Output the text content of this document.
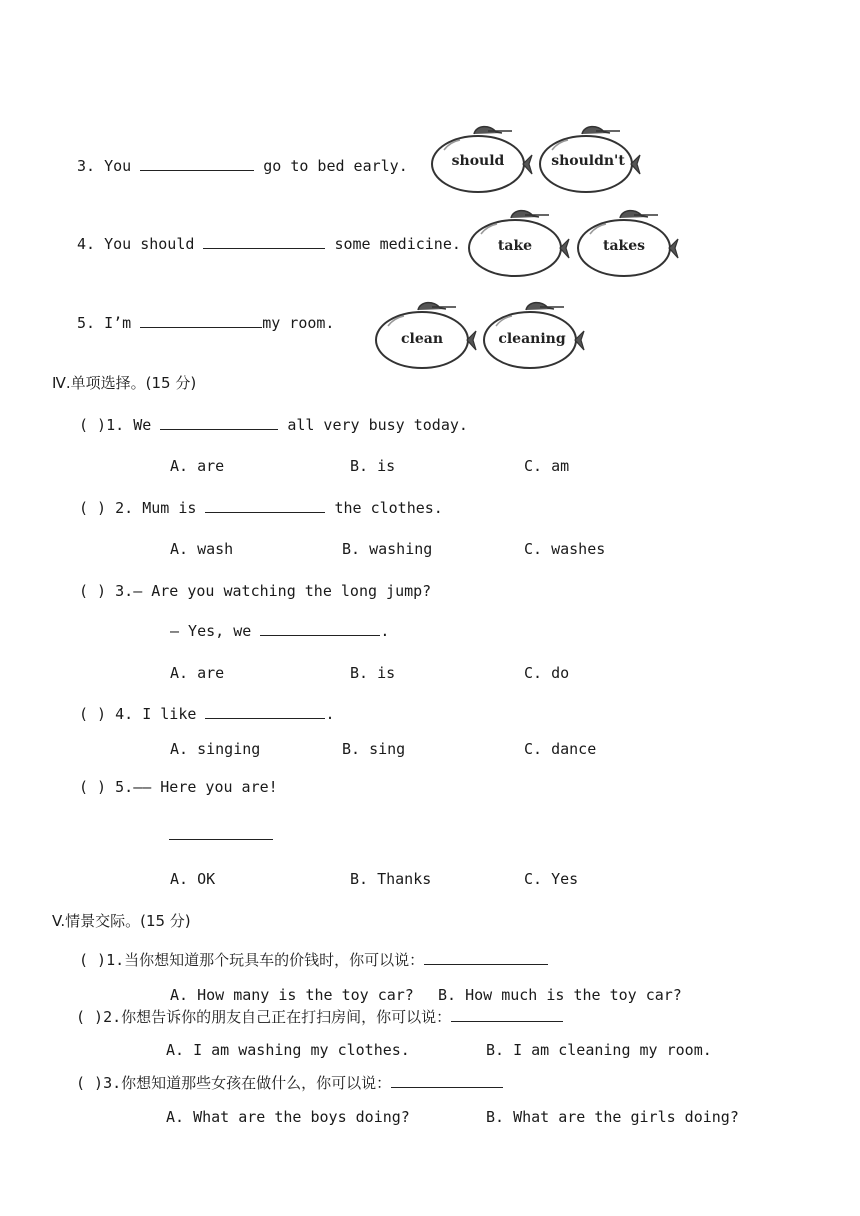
3. You	go to bed early.
4. You should	some medicine.
5. I’m	my room.
should	shouldn't
take	takes
clean	cleaning
Ⅳ.单项选择。(15 分)
( )1. We	all very busy today.
A. are	B. is	C. am
( ) 2. Mum is	the clothes.
A. wash	B. washing	C. washes
( ) 3.— Are you watching the long jump?
— Yes, we	.
A. are	B. is	C. do
( ) 4. I like	.
A. singing	B. sing	C. dance
( ) 5.—— Here you are!
A. OK	B. Thanks	C. Yes
V.情景交际。(15 分)
( )1.当你想知道那个玩具车的价钱时，你可以说：
A. How many is the toy car? B. How much is the toy car?
( )2.你想告诉你的朋友自己正在打扫房间，你可以说：
A. I am washing my clothes.	B. I am cleaning my room.
( )3.你想知道那些女孩在做什么，你可以说：
A. What are the boys doing?	B. What are the girls doing?
